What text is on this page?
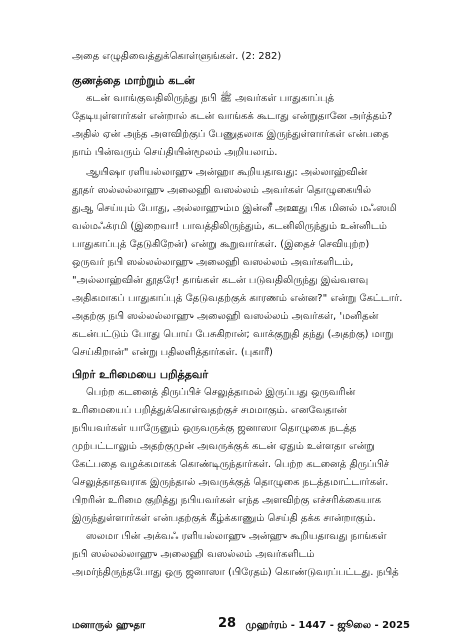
அதை எழுதிவைத்துக்கொள்ளுங்கள். (2: 282)

குணத்தை மாற்றும் கடன்

கடன் வாங்குவதிலிருந்து நபி ﷺ அவர்கள் பாதுகாப்புத்

தேடியுள்ளார்கள் என்றால் கடன் வாங்கக் கூடாது என்றுதானே அர்த்தம்?

அதில் ஏன் அந்த அளவிற்குப் பேணுதலாக இருந்துள்ளார்கள் என்பதை

நாம் பின்வரும் செய்தியின்மூலம் அறியலாம்.

ஆயிஷா ரளியல்லாஹு அன்ஹா கூறியதாவது: அல்லாஹ்வின்

தூதர் ஸல்லல்லாஹு அலைஹி வஸல்லம் அவர்கள் தொழுகையில்

துஆ செய்யும் போது, அல்லாஹும்ம இன்னீ அஊது பிக மினல் மஃஸமி

வல்மஃக்ரமி (இறைவா! பாவத்திலிருந்தும், கடனிலிருந்தும் உன்னிடம்

பாதுகாப்புத் தேடுகிறேன்) என்று கூறுவார்கள். (இதைச் செவியுற்ற)

ஒருவர் நபி ஸல்லல்லாஹு அலைஹி வஸல்லம் அவர்களிடம்,

"அல்லாஹ்வின் தூதரே! தாங்கள் கடன் படுவதிலிருந்து இவ்வளவு

அதிகமாகப் பாதுகாப்புத் தேடுவதற்குக் காரணம் என்ன?" என்று கேட்டார்.

அதற்கு நபி ஸல்லல்லாஹு அலைஹி வஸல்லம் அவர்கள், 'மனிதன்

கடன்பட்டும் போது பொய் பேசுகிறான்; வாக்குறுதி தந்து (அதற்கு) மாறு

செய்கிறான்" என்று பதிலளித்தார்கள். (புகாரீ)

பிறர் உரிமையை பறித்தவர்

பெற்ற கடனைத் திருப்பிச் செலுத்தாமல் இருப்பது ஒருவரின்

உரிமையைப் பறித்துக்கொள்வதற்குச் சமமாகும். எனவேதான்

நபியவர்கள் யாருேனும் ஒருவருக்கு ஜனாஸா தொழுகை நடத்த

முற்பட்டாலும் அதற்குமுன் அவருக்குக் கடன் ஏதும் உள்ளதா என்று

கேட்பதை வழக்கமாகக் கொண்டிருந்தார்கள். பெற்ற கடனைத் திருப்பிச்

செலுத்தாதவராக இருந்தால் அவருக்குத் தொழுகை நடத்தமாட்டார்கள்.

பிறரின் உரிமை குறித்து நபியவர்கள் எந்த அளவிற்கு எச்சரிக்கையாக

இருந்துள்ளார்கள் என்பதற்குக் கீழ்க்காணும் செய்தி தக்க சான்றாகும்.

ஸலமா பின் அக்வஃ ரளியல்லாஹு அன்ஹு கூறியதாவது நாங்கள்

நபி ஸல்லல்லாஹு அலைஹி வஸல்லம் அவர்களிடம்

அமர்ந்திருந்தபோது ஒரு ஜனாஸா (பிரேதம்) கொண்டுவரப்பட்டது. நபித்

மனாருல் ஹுதா	28 முஹர்ரம் - 1447 - ஜூலை - 2025
